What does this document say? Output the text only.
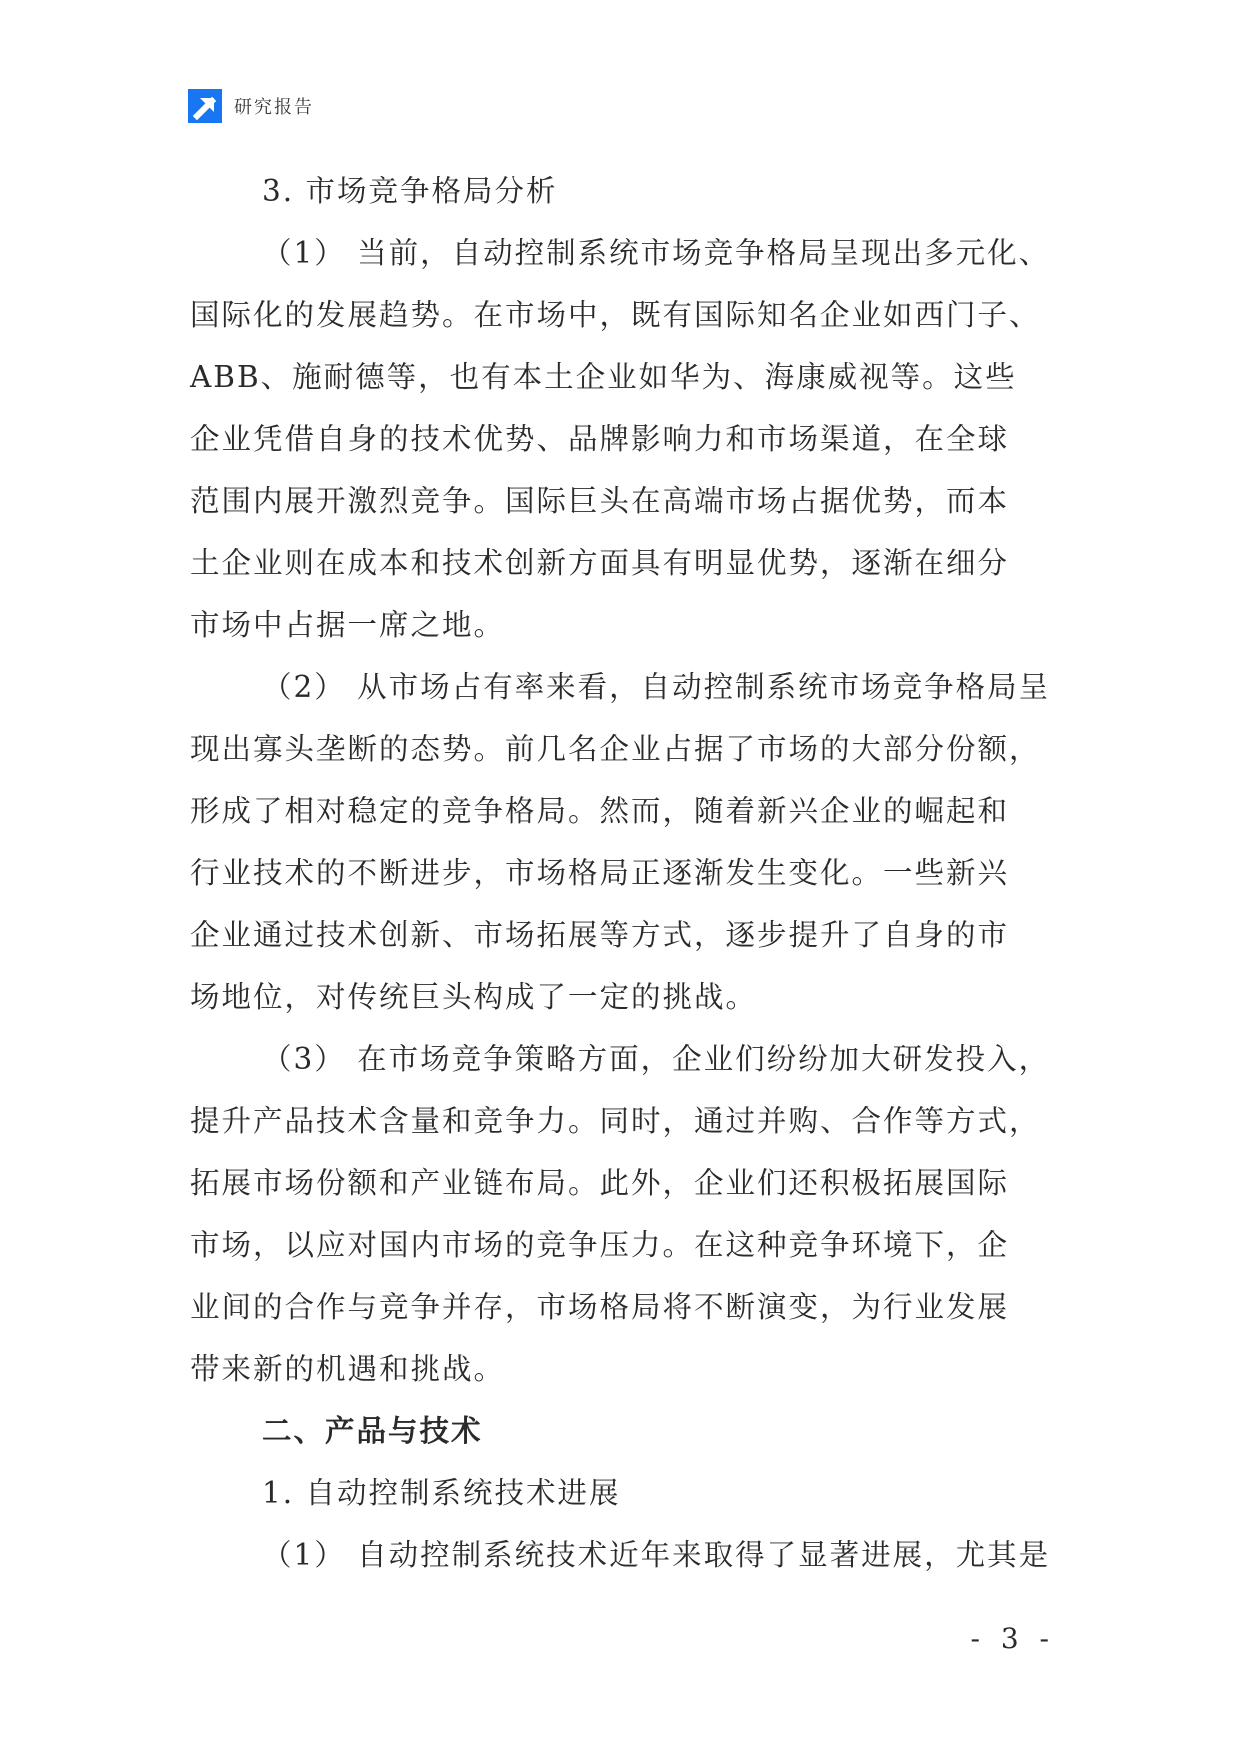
研究报告
3. 市场竞争格局分析
（1） 当前，自动控制系统市场竞争格局呈现出多元化、
国际化的发展趋势。在市场中，既有国际知名企业如西门子、
ABB、施耐德等，也有本土企业如华为、海康威视等。这些
企业凭借自身的技术优势、品牌影响力和市场渠道，在全球
范围内展开激烈竞争。国际巨头在高端市场占据优势，而本
土企业则在成本和技术创新方面具有明显优势，逐渐在细分
市场中占据一席之地。
（2） 从市场占有率来看，自动控制系统市场竞争格局呈
现出寡头垄断的态势。前几名企业占据了市场的大部分份额，
形成了相对稳定的竞争格局。然而，随着新兴企业的崛起和
行业技术的不断进步，市场格局正逐渐发生变化。一些新兴
企业通过技术创新、市场拓展等方式，逐步提升了自身的市
场地位，对传统巨头构成了一定的挑战。
（3） 在市场竞争策略方面，企业们纷纷加大研发投入，
提升产品技术含量和竞争力。同时，通过并购、合作等方式，
拓展市场份额和产业链布局。此外，企业们还积极拓展国际
市场，以应对国内市场的竞争压力。在这种竞争环境下，企
业间的合作与竞争并存，市场格局将不断演变，为行业发展
带来新的机遇和挑战。
二、产品与技术
1. 自动控制系统技术进展
（1） 自动控制系统技术近年来取得了显著进展，尤其是
- 3 -
